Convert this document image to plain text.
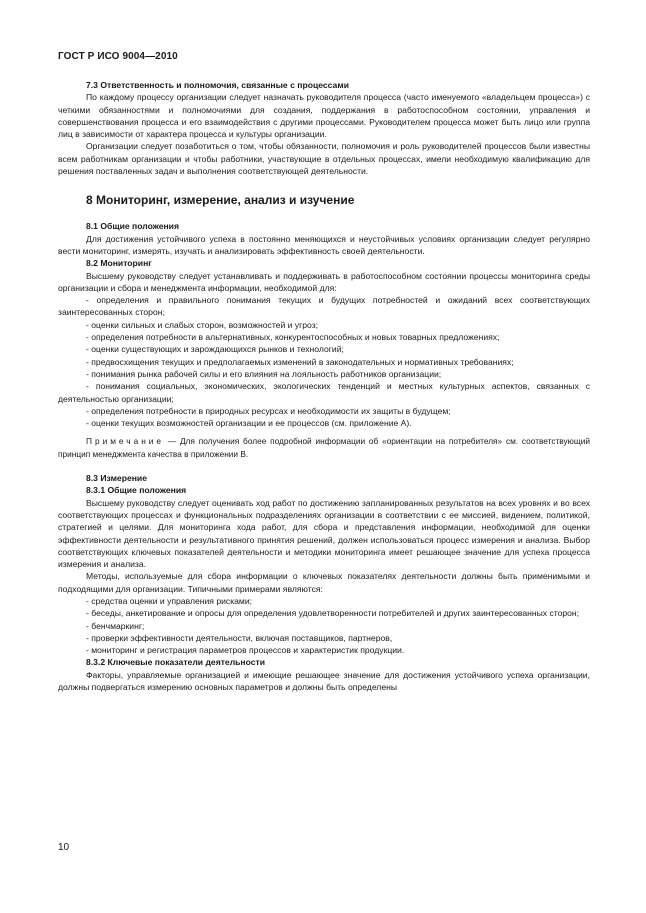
ГОСТ Р ИСО 9004—2010

7.3 Ответственность и полномочия, связанные с процессами

По каждому процессу организации следует назначать руководителя процесса (часто именуемого «владельцем процесса») с четкими обязанностями и полномочиями для создания, поддержания в работоспособном состоянии, управления и совершенствования процесса и его взаимодействия с другими процессами. Руководителем процесса может быть лицо или группа лиц в зависимости от характера процесса и культуры организации.

Организации следует позаботиться о том, чтобы обязанности, полномочия и роль руководителей процессов были известны всем работникам организации и чтобы работники, участвующие в отдельных процессах, имели необходимую квалификацию для решения поставленных задач и выполнения соответствующей деятельности.

8 Мониторинг, измерение, анализ и изучение

8.1 Общие положения

Для достижения устойчивого успеха в постоянно меняющихся и неустойчивых условиях организации следует регулярно вести мониторинг, измерять, изучать и анализировать эффективность своей деятельности.

8.2 Мониторинг

Высшему руководству следует устанавливать и поддерживать в работоспособном состоянии процессы мониторинга среды организации и сбора и менеджмента информации, необходимой для:

- определения и правильного понимания текущих и будущих потребностей и ожиданий всех соответствующих заинтересованных сторон;

- оценки сильных и слабых сторон, возможностей и угроз;

- определения потребности в альтернативных, конкурентоспособных и новых товарных предложениях;

- оценки существующих и зарождающихся рынков и технологий;

- предвосхищения текущих и предполагаемых изменений в законодательных и нормативных требованиях;

- понимания рынка рабочей силы и его влияния на лояльность работников организации;

- понимания социальных, экономических, экологических тенденций и местных культурных аспектов, связанных с деятельностью организации;

- определения потребности в природных ресурсах и необходимости их защиты в будущем;

- оценки текущих возможностей организации и ее процессов (см. приложение А).

Примечание — Для получения более подробной информации об «ориентации на потребителя» см. соответствующий принцип менеджмента качества в приложении В.

8.3 Измерение

8.3.1 Общие положения

Высшему руководству следует оценивать ход работ по достижению запланированных результатов на всех уровнях и во всех соответствующих процессах и функциональных подразделениях организации в соответствии с ее миссией, видением, политикой, стратегией и целями. Для мониторинга хода работ, для сбора и представления информации, необходимой для оценки эффективности деятельности и результативного принятия решений, должен использоваться процесс измерения и анализа. Выбор соответствующих ключевых показателей деятельности и методики мониторинга имеет решающее значение для успеха процесса измерения и анализа.

Методы, используемые для сбора информации о ключевых показателях деятельности должны быть применимыми и подходящими для организации. Типичными примерами являются:

- средства оценки и управления рисками;

- беседы, анкетирование и опросы для определения удовлетворенности потребителей и других заинтересованных сторон;

- бенчмаркинг;

- проверки эффективности деятельности, включая поставщиков, партнеров,

- мониторинг и регистрация параметров процессов и характеристик продукции.

8.3.2 Ключевые показатели деятельности

Факторы, управляемые организацией и имеющие решающее значение для достижения устойчивого успеха организации, должны подвергаться измерению основных параметров и должны быть определены

10
